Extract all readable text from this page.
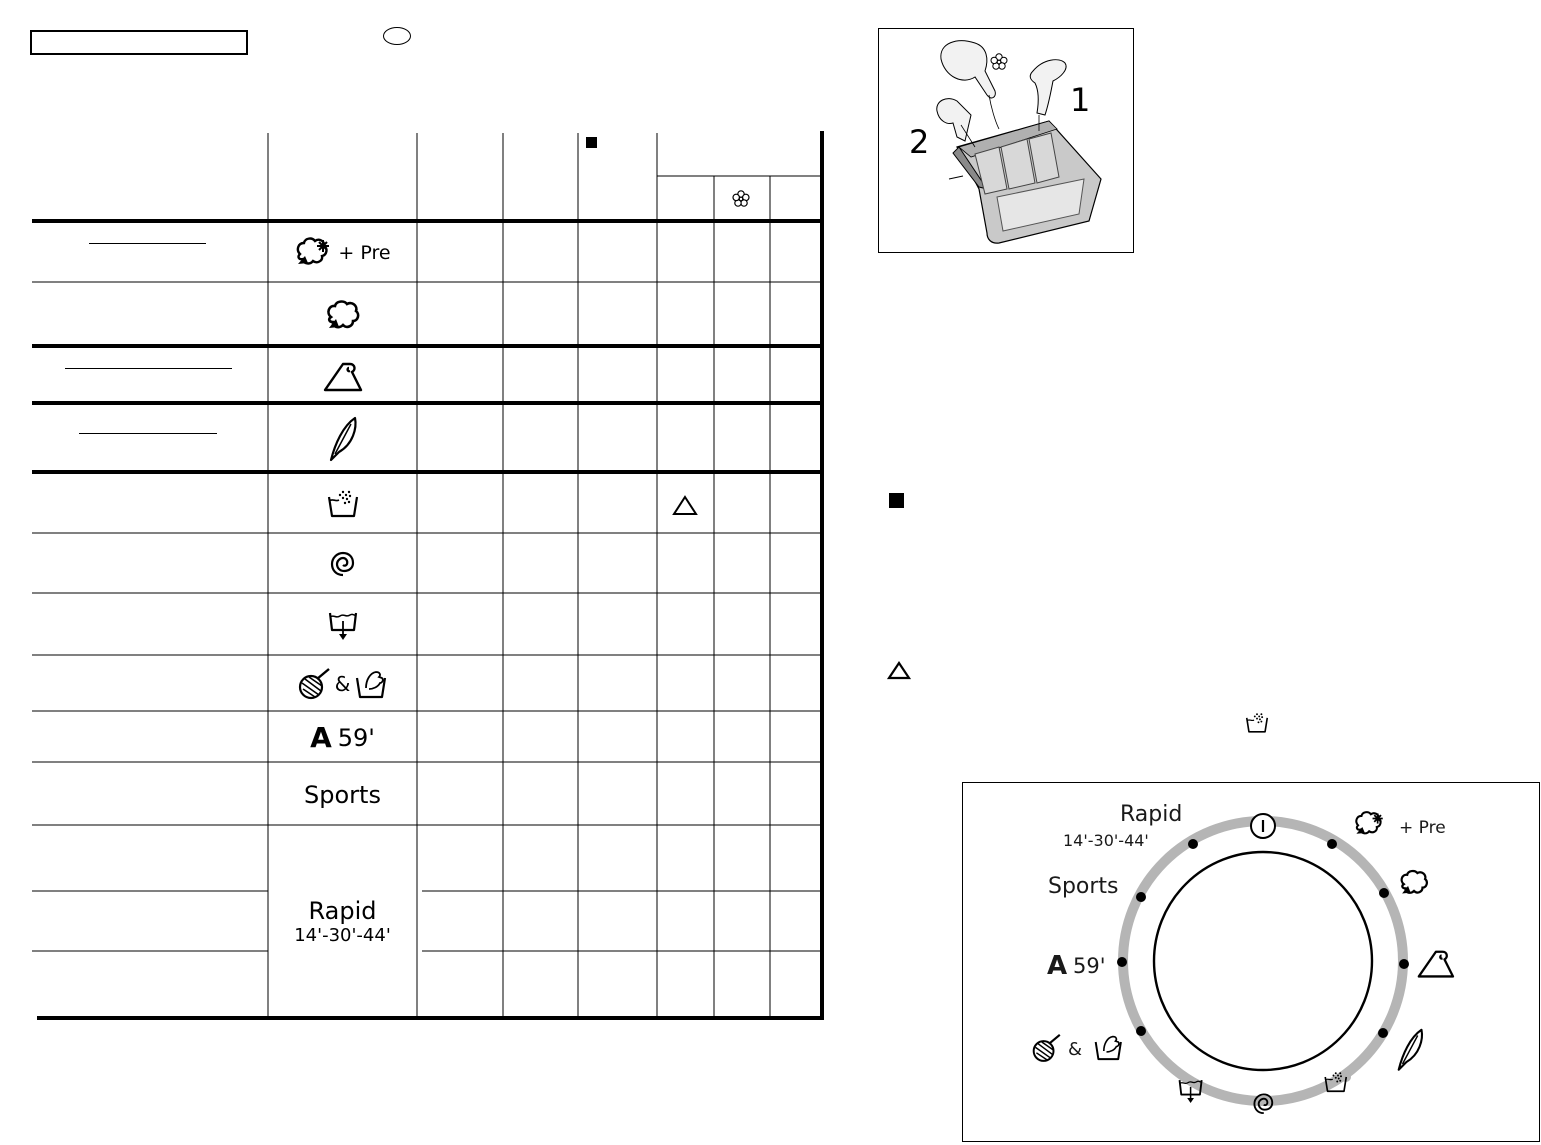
+ Pre
&
A 59'
Sports
Rapid
14'-30'-44'
1
2
+ Pre
Rapid
14'-30'-44'
Sports
A 59'
&
